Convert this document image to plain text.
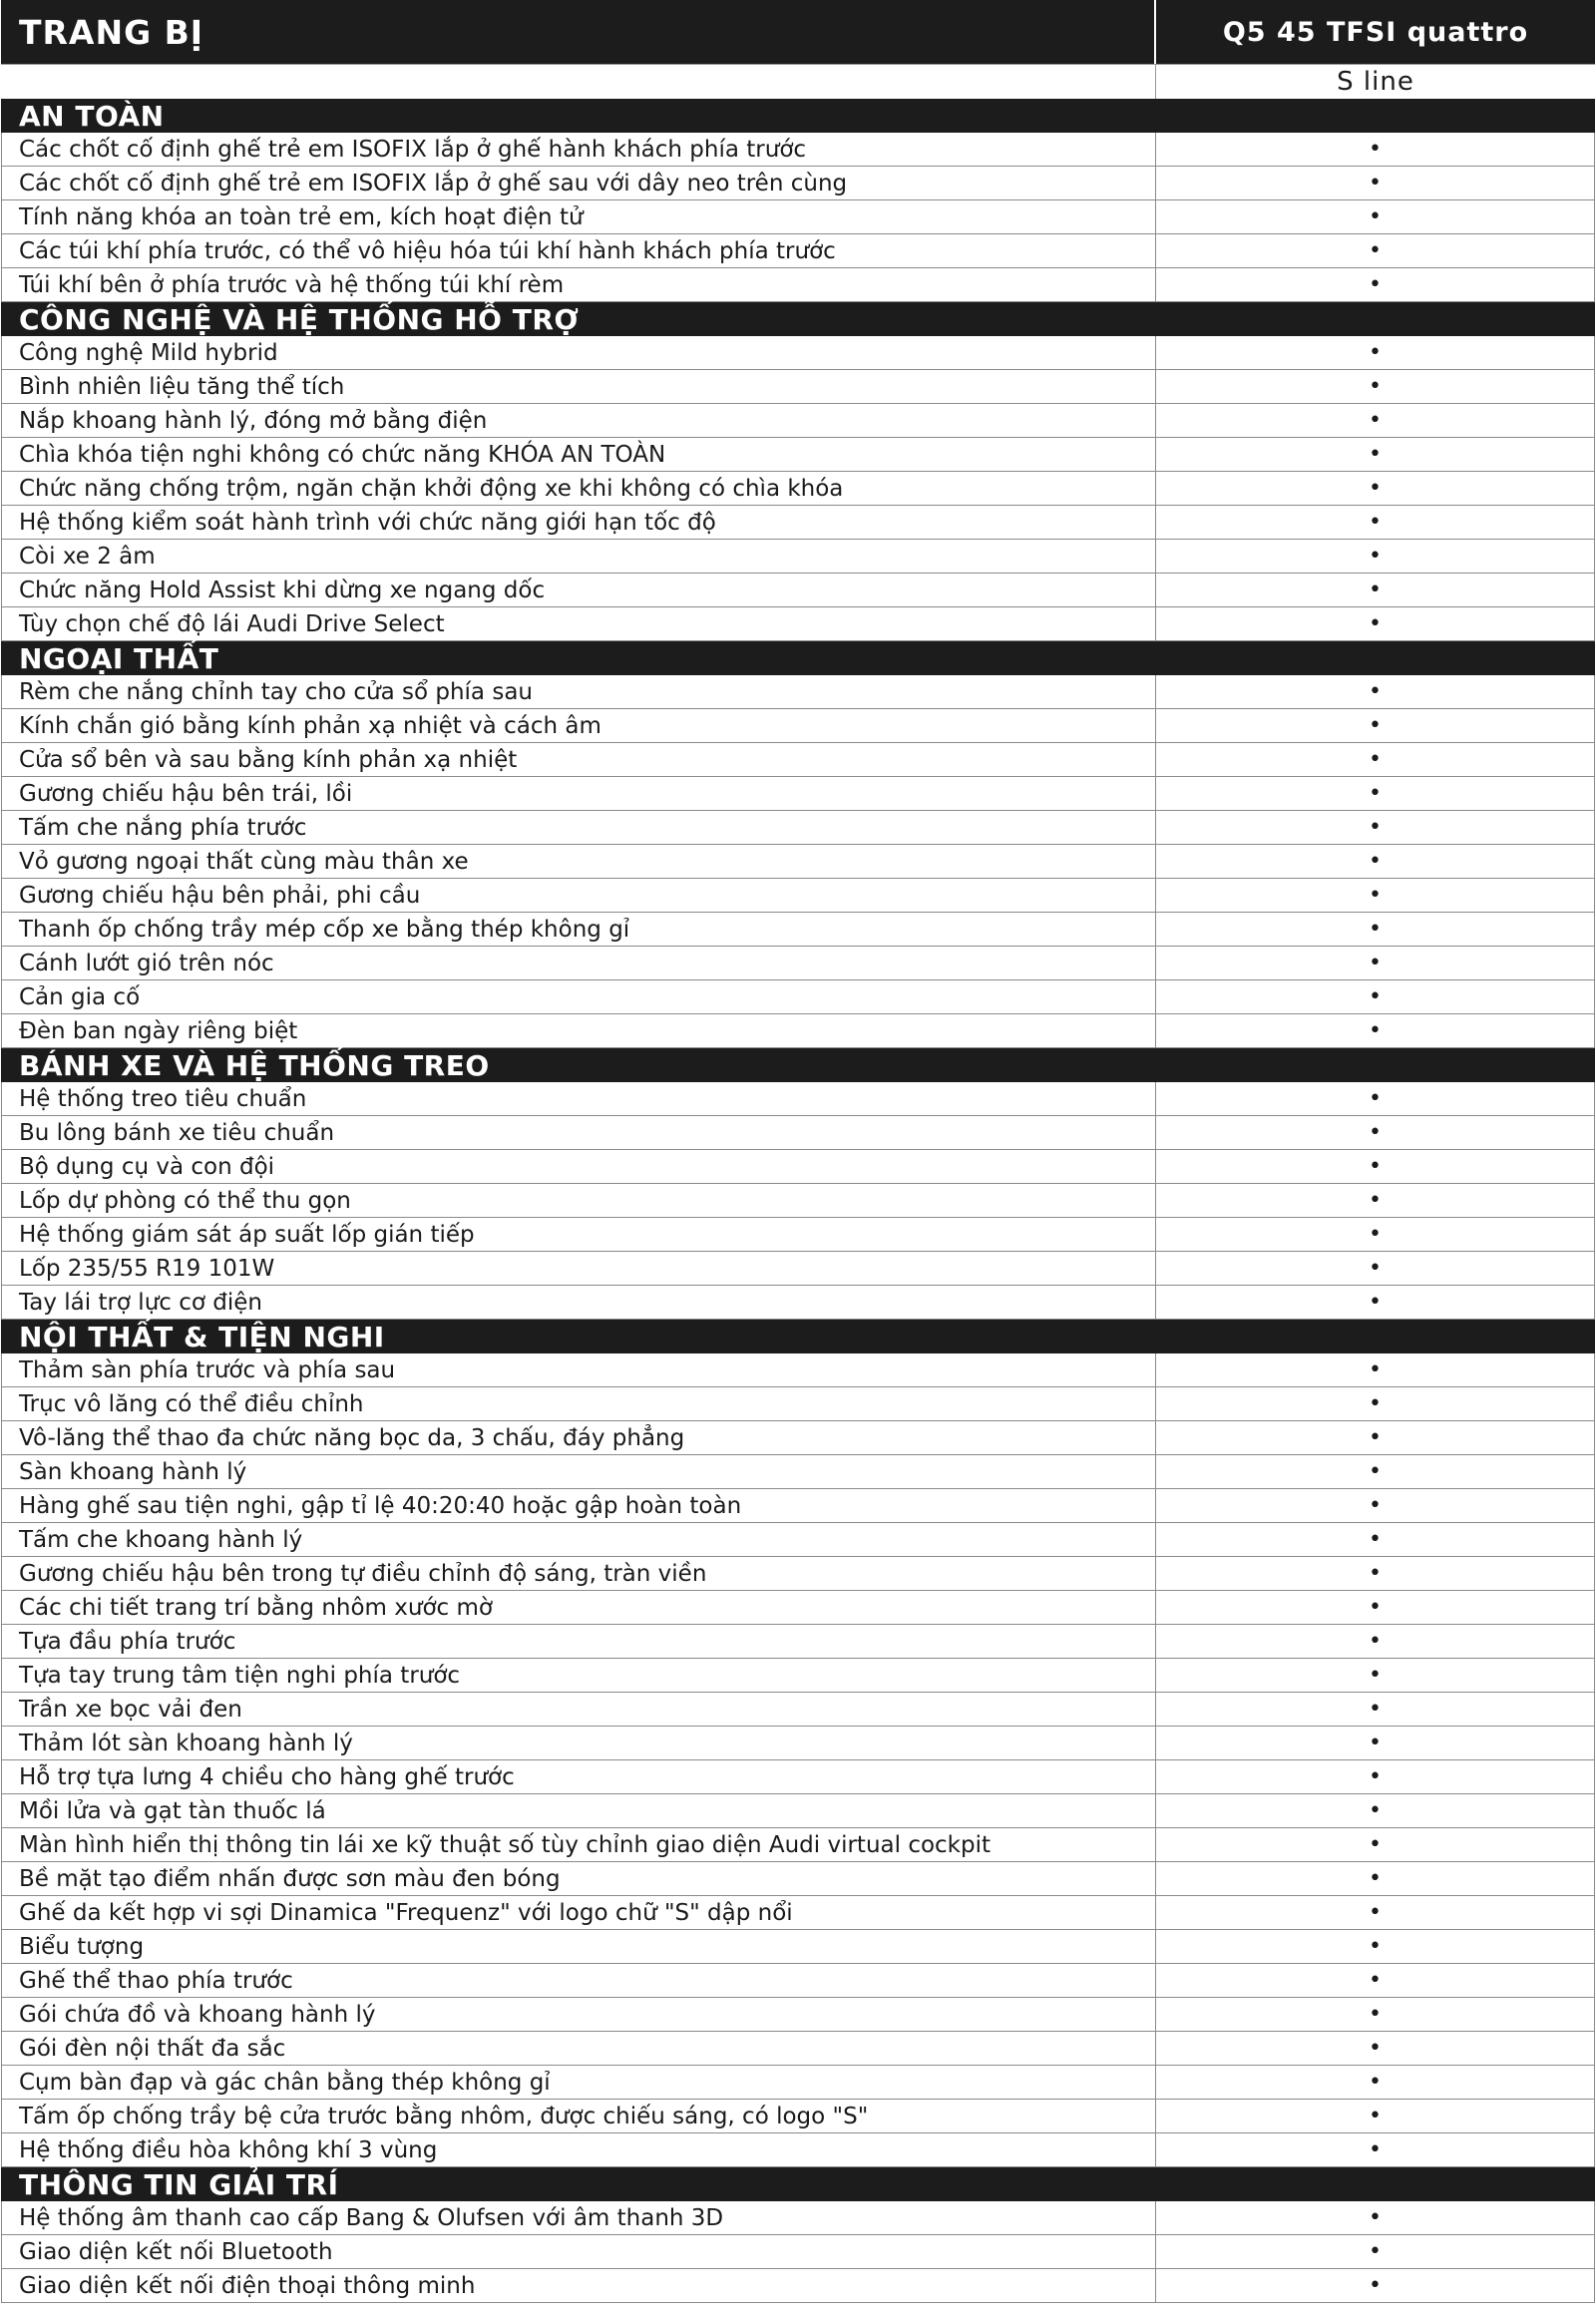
TRANG BỊ	Q5 45 TFSI quattro
S line
AN TOÀN
Các chốt cố định ghế trẻ em ISOFIX lắp ở ghế hành khách phía trước	•
Các chốt cố định ghế trẻ em ISOFIX lắp ở ghế sau với dây neo trên cùng	•
Tính năng khóa an toàn trẻ em, kích hoạt điện tử	•
Các túi khí phía trước, có thể vô hiệu hóa túi khí hành khách phía trước	•
Túi khí bên ở phía trước và hệ thống túi khí rèm	•
CÔNG NGHỆ VÀ HỆ THỐNG HỖ TRỢ
Công nghệ Mild hybrid	•
Bình nhiên liệu tăng thể tích	•
Nắp khoang hành lý, đóng mở bằng điện	•
Chìa khóa tiện nghi không có chức năng KHÓA AN TOÀN	•
Chức năng chống trộm, ngăn chặn khởi động xe khi không có chìa khóa	•
Hệ thống kiểm soát hành trình với chức năng giới hạn tốc độ	•
Còi xe 2 âm	•
Chức năng Hold Assist khi dừng xe ngang dốc	•
Tùy chọn chế độ lái Audi Drive Select	•
NGOẠI THẤT
Rèm che nắng chỉnh tay cho cửa sổ phía sau	•
Kính chắn gió bằng kính phản xạ nhiệt và cách âm	•
Cửa sổ bên và sau bằng kính phản xạ nhiệt	•
Gương chiếu hậu bên trái, lồi	•
Tấm che nắng phía trước	•
Vỏ gương ngoại thất cùng màu thân xe	•
Gương chiếu hậu bên phải, phi cầu	•
Thanh ốp chống trầy mép cốp xe bằng thép không gỉ	•
Cánh lướt gió trên nóc	•
Cản gia cố	•
Đèn ban ngày riêng biệt	•
BÁNH XE VÀ HỆ THỐNG TREO
Hệ thống treo tiêu chuẩn	•
Bu lông bánh xe tiêu chuẩn	•
Bộ dụng cụ và con đội	•
Lốp dự phòng có thể thu gọn	•
Hệ thống giám sát áp suất lốp gián tiếp	•
Lốp 235/55 R19 101W	•
Tay lái trợ lực cơ điện	•
NỘI THẤT & TIỆN NGHI
Thảm sàn phía trước và phía sau	•
Trục vô lăng có thể điều chỉnh	•
Vô-lăng thể thao đa chức năng bọc da, 3 chấu, đáy phẳng	•
Sàn khoang hành lý	•
Hàng ghế sau tiện nghi, gập tỉ lệ 40:20:40 hoặc gập hoàn toàn	•
Tấm che khoang hành lý	•
Gương chiếu hậu bên trong tự điều chỉnh độ sáng, tràn viền	•
Các chi tiết trang trí bằng nhôm xước mờ	•
Tựa đầu phía trước	•
Tựa tay trung tâm tiện nghi phía trước	•
Trần xe bọc vải đen	•
Thảm lót sàn khoang hành lý	•
Hỗ trợ tựa lưng 4 chiều cho hàng ghế trước	•
Mồi lửa và gạt tàn thuốc lá	•
Màn hình hiển thị thông tin lái xe kỹ thuật số tùy chỉnh giao diện Audi virtual cockpit	•
Bề mặt tạo điểm nhấn được sơn màu đen bóng	•
Ghế da kết hợp vi sợi Dinamica "Frequenz" với logo chữ "S" dập nổi	•
Biểu tượng	•
Ghế thể thao phía trước	•
Gói chứa đồ và khoang hành lý	•
Gói đèn nội thất đa sắc	•
Cụm bàn đạp và gác chân bằng thép không gỉ	•
Tấm ốp chống trầy bệ cửa trước bằng nhôm, được chiếu sáng, có logo "S"	•
Hệ thống điều hòa không khí 3 vùng	•
THÔNG TIN GIẢI TRÍ
Hệ thống âm thanh cao cấp Bang & Olufsen với âm thanh 3D	•
Giao diện kết nối Bluetooth	•
Giao diện kết nối điện thoại thông minh	•
